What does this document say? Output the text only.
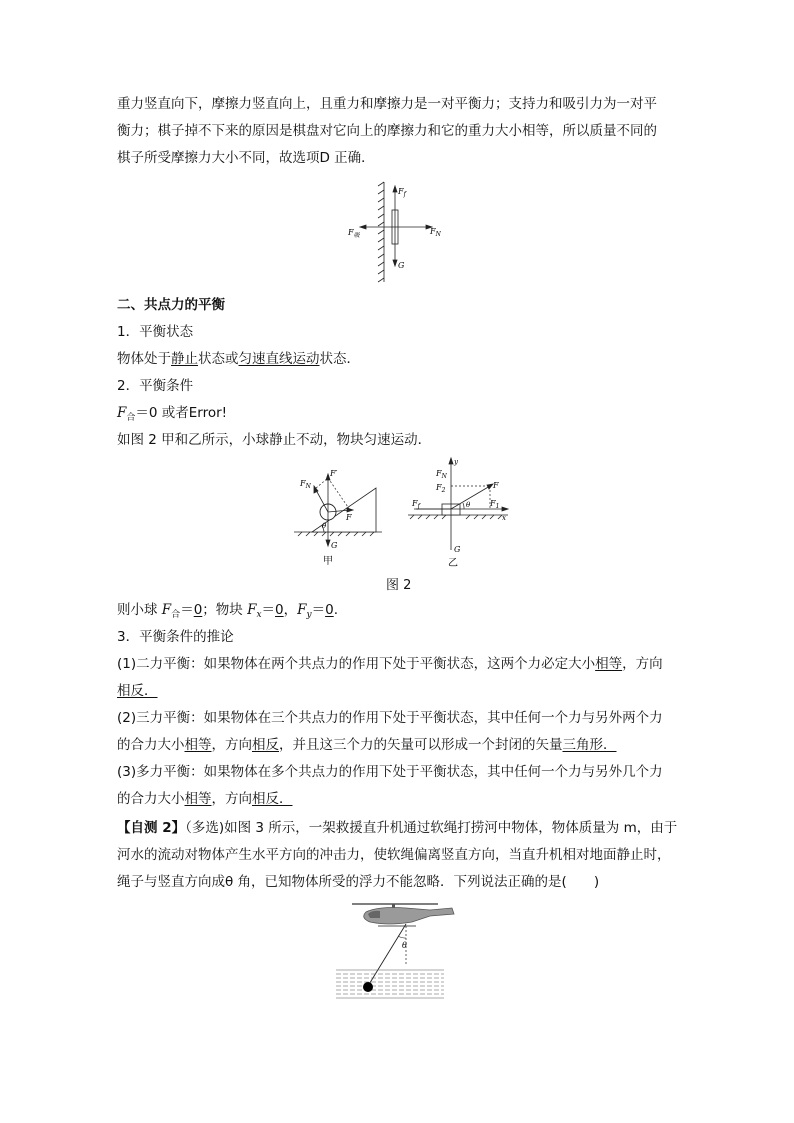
重力竖直向下，摩擦力竖直向上，且重力和摩擦力是一对平衡力；支持力和吸引力为一对平
衡力；棋子掉不下来的原因是棋盘对它向上的摩擦力和它的重力大小相等，所以质量不同的
棋子所受摩擦力大小不同，故选项D 正确．
$F_f$
G
$F_N$
$F_吸$
二、共点力的平衡
1．平衡状态
物体处于静止状态或匀速直线运动状态．
2．平衡条件
$F_合=0$ 或者Error!
如图 2 甲和乙所示，小球静止不动，物块匀速运动．
$F_N$
F′
F
θ
G
甲
y
x
$F_N$
$F_2$
F
θ
$F_f$	$F_1$
G
乙
图 2
则小球 $F_合=0$；物块 $F_x=0$，$F_y=0$.
3．平衡条件的推论
(1)二力平衡：如果物体在两个共点力的作用下处于平衡状态，这两个力必定大小相等，方向
相反．
(2)三力平衡：如果物体在三个共点力的作用下处于平衡状态，其中任何一个力与另外两个力
的合力大小相等，方向相反，并且这三个力的矢量可以形成一个封闭的矢量三角形．
(3)多力平衡：如果物体在多个共点力的作用下处于平衡状态，其中任何一个力与另外几个力
的合力大小相等，方向相反．
【自测 2】（多选)如图 3 所示，一架救援直升机通过软绳打捞河中物体，物体质量为 m，由于
河水的流动对物体产生水平方向的冲击力，使软绳偏离竖直方向，当直升机相对地面静止时，
绳子与竖直方向成θ 角，已知物体所受的浮力不能忽略．下列说法正确的是(　　)
θ
